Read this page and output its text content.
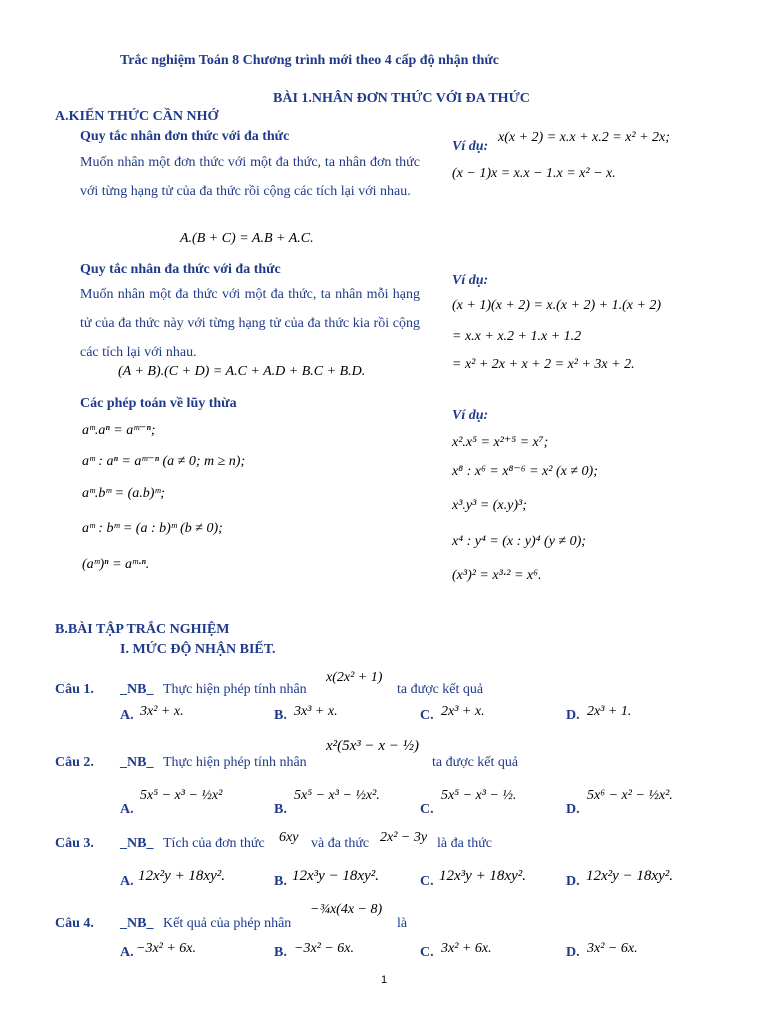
Trắc nghiệm Toán 8 Chương trình mới theo 4 cấp độ nhận thức
BÀI 1.NHÂN ĐƠN THỨC VỚI ĐA THỨC
A.KIẾN THỨC CẦN NHỚ
Quy tắc nhân đơn thức với đa thức
Muốn nhân một đơn thức với một đa thức, ta nhân đơn thức với từng hạng tử của đa thức rồi cộng các tích lại với nhau.
A.(B + C) = A.B + A.C.
Ví dụ:
x(x + 2) = x.x + x.2 = x² + 2x;
(x − 1)x = x.x − 1.x = x² − x.
Quy tắc nhân đa thức với đa thức
Muốn nhân một đa thức với một đa thức, ta nhân mỗi hạng tử của đa thức này với từng hạng tử của đa thức kia rồi cộng các tích lại với nhau.
(A + B).(C + D) = A.C + A.D + B.C + B.D.
Ví dụ:
(x + 1)(x + 2) = x.(x + 2) + 1.(x + 2)
= x.x + x.2 + 1.x + 1.2
= x² + 2x + x + 2 = x² + 3x + 2.
Các phép toán về lũy thừa
aᵐ.aⁿ = aᵐ⁻ⁿ;
aᵐ : aⁿ = aᵐ⁻ⁿ (a ≠ 0; m ≥ n);
aᵐ.bᵐ = (a.b)ᵐ;
aᵐ : bᵐ = (a : b)ᵐ (b ≠ 0);
(aᵐ)ⁿ = aᵐ·ⁿ.
Ví dụ:
x².x⁵ = x²⁺⁵ = x⁷;
x⁸ : x⁶ = x⁸⁻⁶ = x² (x ≠ 0);
x³.y³ = (x.y)³;
x⁴ : y⁴ = (x : y)⁴ (y ≠ 0);
(x³)² = x³·² = x⁶.
B.BÀI TẬP TRẮC NGHIỆM
I. MỨC ĐỘ NHẬN BIẾT.
Câu 1. _NB_ Thực hiện phép tính nhân
x(2x² + 1)
ta được kết quả
A. 3x² + x.	B. 3x³ + x.	C. 2x³ + x.	D. 2x³ + 1.
Câu 2. _NB_ Thực hiện phép tính nhân
x²(5x³ − x − ½)
ta được kết quả
A.
5x⁵ − x³ − ½x²
B.
5x⁵ − x³ − ½x².
C.
5x⁵ − x³ − ½.
D.
5x⁶ − x² − ½x².
Câu 3. _NB_ Tích của đơn thức 6xy và đa thức 2x² − 3y là đa thức
A. 12x²y + 18xy².	B. 12x³y − 18xy².	C. 12x³y + 18xy².	D. 12x²y − 18xy².
Câu 4. _NB_ Kết quả của phép nhân
−¾x(4x − 8)
là
A. −3x² + 6x.	B. −3x² − 6x.	C. 3x² + 6x.	D. 3x² − 6x.
1
